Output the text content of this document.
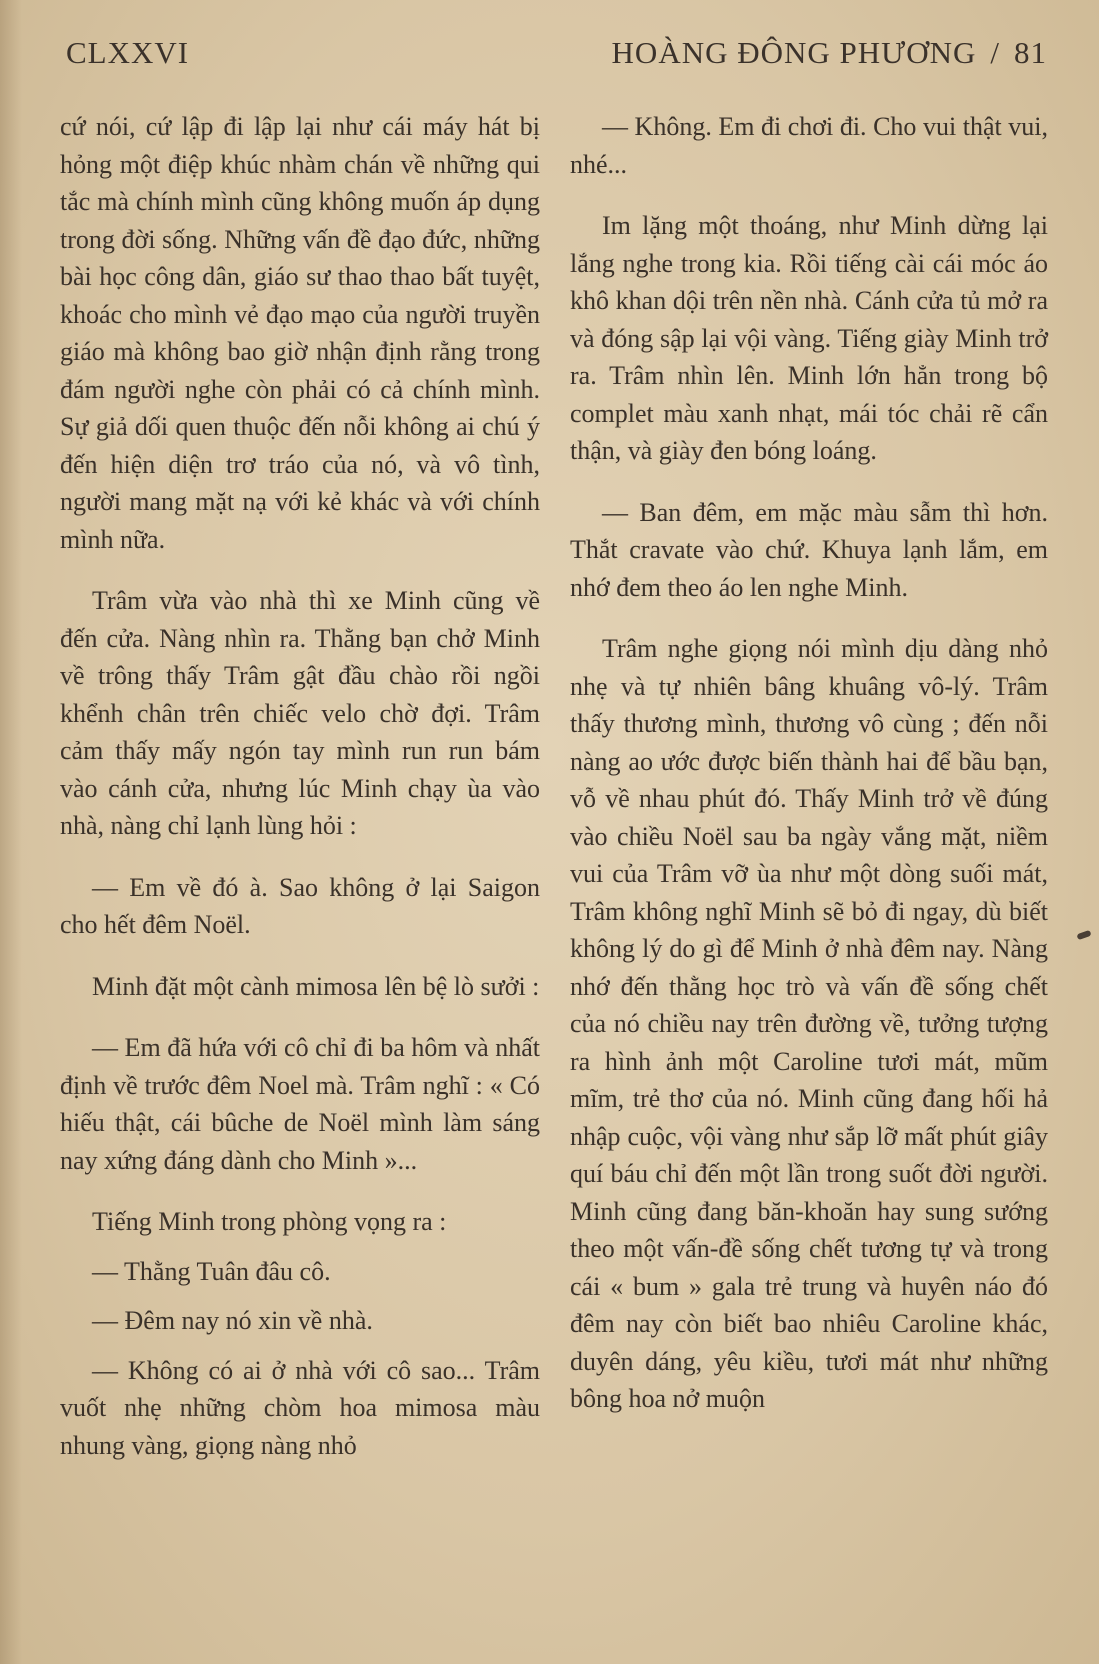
CLXXVI	HOÀNG ĐÔNG PHƯƠNG / 81

cứ nói, cứ lập đi lập lại như cái máy hát bị hỏng một điệp khúc nhàm chán về những qui tắc mà chính mình cũng không muốn áp dụng trong đời sống. Những vấn đề đạo đức, những bài học công dân, giáo sư thao thao bất tuyệt, khoác cho mình vẻ đạo mạo của người truyền giáo mà không bao giờ nhận định rằng trong đám người nghe còn phải có cả chính mình. Sự giả dối quen thuộc đến nỗi không ai chú ý đến hiện diện trơ tráo của nó, và vô tình, người mang mặt nạ với kẻ khác và với chính mình nữa.

Trâm vừa vào nhà thì xe Minh cũng về đến cửa. Nàng nhìn ra. Thằng bạn chở Minh về trông thấy Trâm gật đầu chào rồi ngồi khểnh chân trên chiếc velo chờ đợi. Trâm cảm thấy mấy ngón tay mình run run bám vào cánh cửa, nhưng lúc Minh chạy ùa vào nhà, nàng chỉ lạnh lùng hỏi :

— Em về đó à. Sao không ở lại Saigon cho hết đêm Noël.

Minh đặt một cành mimosa lên bệ lò sưởi :

— Em đã hứa với cô chỉ đi ba hôm và nhất định về trước đêm Noel mà. Trâm nghĩ : « Có hiếu thật, cái bûche de Noël mình làm sáng nay xứng đáng dành cho Minh »...

Tiếng Minh trong phòng vọng ra :

— Thằng Tuân đâu cô.

— Đêm nay nó xin về nhà.

— Không có ai ở nhà với cô sao... Trâm vuốt nhẹ những chòm hoa mimosa màu nhung vàng, giọng nàng nhỏ

— Không. Em đi chơi đi. Cho vui thật vui, nhé...

Im lặng một thoáng, như Minh dừng lại lắng nghe trong kia. Rồi tiếng cài cái móc áo khô khan dội trên nền nhà. Cánh cửa tủ mở ra và đóng sập lại vội vàng. Tiếng giày Minh trở ra. Trâm nhìn lên. Minh lớn hẳn trong bộ complet màu xanh nhạt, mái tóc chải rẽ cẩn thận, và giày đen bóng loáng.

— Ban đêm, em mặc màu sẫm thì hơn. Thắt cravate vào chứ. Khuya lạnh lắm, em nhớ đem theo áo len nghe Minh.

Trâm nghe giọng nói mình dịu dàng nhỏ nhẹ và tự nhiên bâng khuâng vô-lý. Trâm thấy thương mình, thương vô cùng ; đến nỗi nàng ao ước được biến thành hai để bầu bạn, vỗ về nhau phút đó. Thấy Minh trở về đúng vào chiều Noël sau ba ngày vắng mặt, niềm vui của Trâm vỡ ùa như một dòng suối mát, Trâm không nghĩ Minh sẽ bỏ đi ngay, dù biết không lý do gì để Minh ở nhà đêm nay. Nàng nhớ đến thằng học trò và vấn đề sống chết của nó chiều nay trên đường về, tưởng tượng ra hình ảnh một Caroline tươi mát, mũm mĩm, trẻ thơ của nó. Minh cũng đang hối hả nhập cuộc, vội vàng như sắp lỡ mất phút giây quí báu chỉ đến một lần trong suốt đời người. Minh cũng đang băn-khoăn hay sung sướng theo một vấn-đề sống chết tương tự và trong cái « bum » gala trẻ trung và huyên náo đó đêm nay còn biết bao nhiêu Caroline khác, duyên dáng, yêu kiều, tươi mát như những bông hoa nở muộn
